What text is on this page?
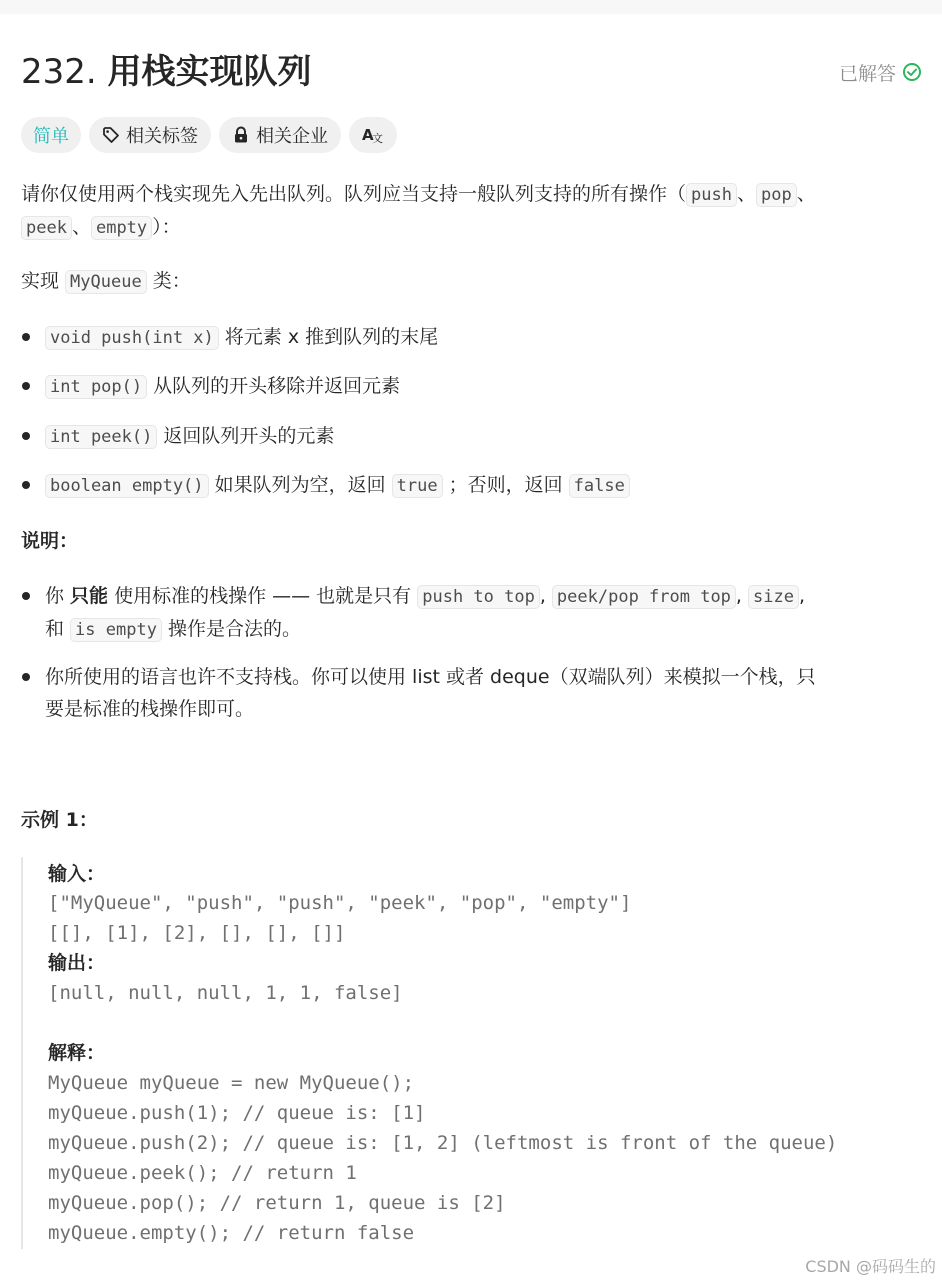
232. 用栈实现队列	已解答
简单	相关标签	相关企业 A
文
请你仅使用两个栈实现先入先出队列。队列应当支持一般队列支持的所有操作（ push 、 pop 、
peek 、 empty ）：
实现 MyQueue 类：
void push(int x) 将元素 x 推到队列的末尾
int pop() 从队列的开头移除并返回元素
int peek() 返回队列开头的元素
boolean empty() 如果队列为空，返回 true ；否则，返回 false
说明：
你 只能 使用标准的栈操作 —— 也就是只有 push to top , peek/pop from top , size ,
和 is empty 操作是合法的。
你所使用的语言也许不支持栈。你可以使用 list 或者 deque（双端队列）来模拟一个栈，只
要是标准的栈操作即可。
示例 1：
输入：
["MyQueue", "push", "push", "peek", "pop", "empty"]
[[], [1], [2], [], [], []]
输出：
[null, null, null, 1, 1, false]
解释：
MyQueue myQueue = new MyQueue();
myQueue.push(1); // queue is: [1]
myQueue.push(2); // queue is: [1, 2] (leftmost is front of the queue)
myQueue.peek(); // return 1
myQueue.pop(); // return 1, queue is [2]
myQueue.empty(); // return false
CSDN @码码生的
